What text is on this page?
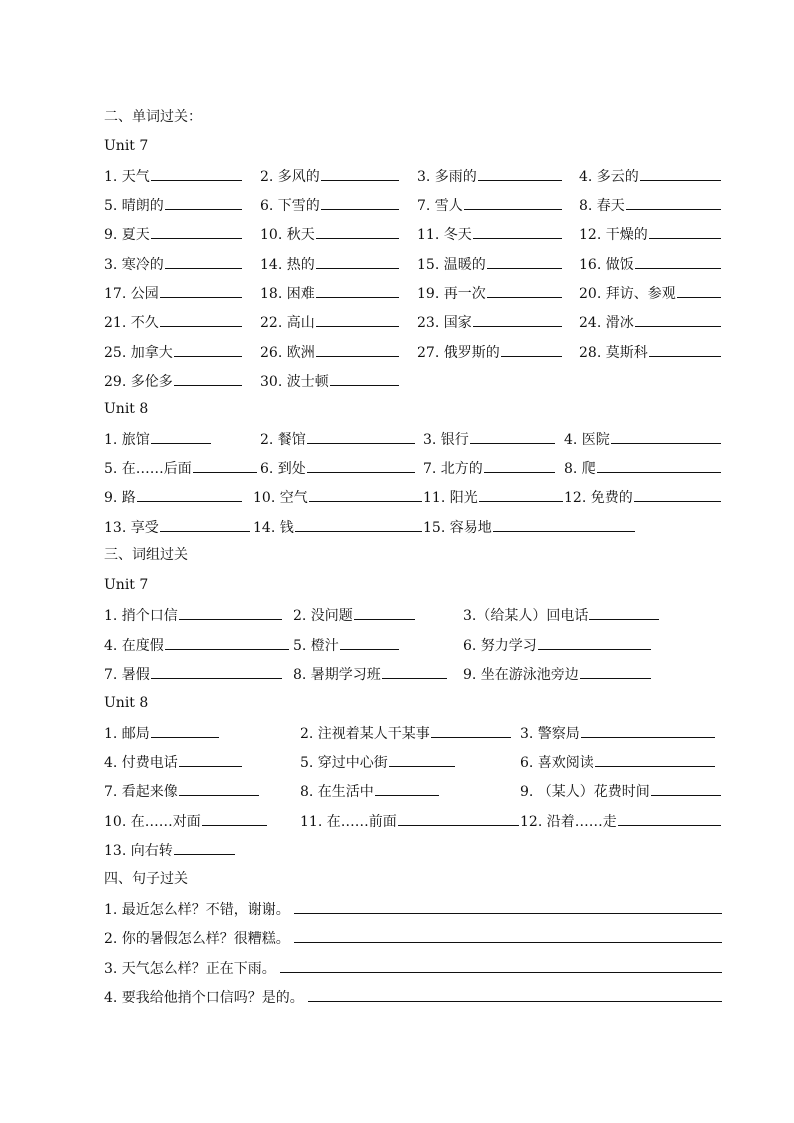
二、单词过关：
Unit 7
1. 天气	2. 多风的	3. 多雨的	4. 多云的
5. 晴朗的	6. 下雪的	7. 雪人	8. 春天
9. 夏天	10. 秋天	11. 冬天	12. 干燥的
3. 寒冷的	14. 热的	15. 温暖的	16. 做饭
17. 公园	18. 困难	19. 再一次	20. 拜访、参观
21. 不久	22. 高山	23. 国家	24. 滑冰
25. 加拿大	26. 欧洲	27. 俄罗斯的	28. 莫斯科
29. 多伦多	30. 波士顿
Unit 8
1. 旅馆	2. 餐馆	3. 银行	4. 医院
5. 在……后面	6. 到处	7. 北方的	8. 爬
9. 路	10. 空气	11. 阳光	12. 免费的
13. 享受	14. 钱	15. 容易地
三、词组过关
Unit 7
1. 捎个口信	2. 没问题	3.（给某人）回电话
4. 在度假	5. 橙汁	6. 努力学习
7. 暑假	8. 暑期学习班	9. 坐在游泳池旁边
Unit 8
1. 邮局	2. 注视着某人干某事	3. 警察局
4. 付费电话	5. 穿过中心街	6. 喜欢阅读
7. 看起来像	8. 在生活中	9. （某人）花费时间
10. 在……对面	11. 在……前面	12. 沿着……走
13. 向右转
四、句子过关
1. 最近怎么样？不错，谢谢。
2. 你的暑假怎么样？很糟糕。
3. 天气怎么样？正在下雨。
4. 要我给他捎个口信吗？是的。
